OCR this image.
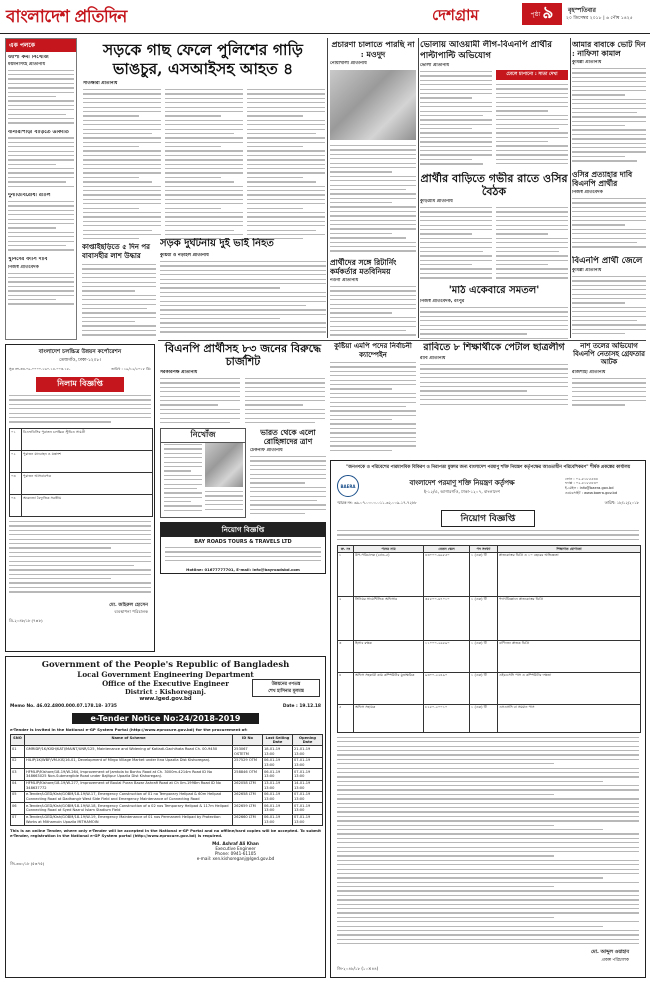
বাংলাদেশ প্রতিদিন	দেশগ্রাম	পৃষ্ঠা ৯ বৃহস্পতিবার
২০ ডিসেম্বর ২০১৮ | ৬ পৌষ ১৪২৫
এক পলকে
জাপা কর্মী নিখোঁজ
ময়মনসিংহ প্রতিনিধি
বানারীপাড়া বাড়িতে ডাকাতি
দুর্নীতিবিরোধী র‌্যালি
খুনিদের ফাঁসি দাবি
নিজস্ব প্রতিবেদক
সড়কে গাছ ফেলে পুলিশের গাড়ি ভাঙচুর, এসআইসহ আহত ৪
সাতক্ষীরা প্রতিনিধি
সড়ক দুর্ঘটনায় দুই ভাই নিহত
কুষ্টিয়া ও নড়াইল প্রতিনিধি
কাপ্তাইছড়িতে ৫ দিন পর বাবাসহীর লাশ উদ্ধার
প্রচারণা চালাতে পারছি না : মওদুদ
নোয়াখালী প্রতিনিধি
প্রার্থীদের সঙ্গে রিটার্নিং কর্মকর্তার মতবিনিময়
নওগাঁ প্রতিনিধি
ভোলায় আওয়ামী লীগ-বিএনপি প্রার্থীর পাল্টাপাল্টি অভিযোগ
ভোলা প্রতিনিধি
ঢোলে চাপানো : সাতা দেখা
প্রার্থীর বাড়িতে গভীর রাতে ওসির বৈঠক
কুড়িগ্রাম প্রতিনিধি
'মাঠ একেবারে সমতল'
নিজস্ব প্রতিবেদক, রংপুর
আমার বাবাকে ভোট দিন : নাফিসা কামাল
কুমিল্লা প্রতিনিধি
ওসির প্রত্যাহার দাবি বিএনপি প্রার্থীর
নিজস্ব প্রতিবেদক
বিএনপি প্রার্থী জেলে
কুমিল্লা প্রতিনিধি
বাংলাদেশ চলচ্চিত্র উন্নয়ন কর্পোরেশন
তেজগাঁও, ঢাকা-১২০৮।
সূত্র নং-৩৩.০৯.০০০০.১৬০.১৪.০০৩.১৮-	তারিখ : ১৯/১২/২০১৮ খ্রি:
নিলাম বিজ্ঞপ্তি
০১	বিএফডিসির পুরাতন চলচ্চিত্র স্টুডিও সামগ্রী
০২	পুরাতন যানবাহন ও যন্ত্রাংশ
০৩	পুরাতন আসবাবপত্র
০৪	অকেজো বৈদ্যুতিক সরঞ্জাম
মো. জহিরুল হোসেন
ব্যবস্থাপনা পরিচালক
ডি-২০৪৮/১৮ (৭×৮)
বিএনপি প্রার্থীসহ ৮৩ জনের বিরুদ্ধে চার্জশিট
সরকারপক্ষ প্রতিনিধি
কুষ্টিয়া এমপি পদের নির্বাচনী ক্যাম্পেইন
রাবিতে ৮ শিক্ষার্থীকে পেটাল ছাত্রলীগ
রাবি প্রতিনিধি
নাশ তলের অভিযোগ বিএনপি নেতাসহ গ্রেফতার আটক
রাজশাহী প্রতিনিধি
নিখোঁজ	ভারত থেকে এলো রোহিঙ্গাদের ত্রাণ
টেকনাফ প্রতিনিধি
নিয়োগ বিজ্ঞপ্তি
BAY ROADS TOURS & TRAVELS LTD
Hotline: 01677777701, E-mail: info@bayroadsbd.com
"জনগণকে ও পরিবেশের পারমাণবিক বিকিরণ ও নিরাপত্তা মুক্তার জন্য বাংলাদেশ পরমাণু শক্তি নিয়ন্ত্রণ কর্তৃপক্ষের আওতাধীন পরিবেশিকরণ" শীর্ষক প্রকল্পের কার্যালয়
BAERA	বাংলাদেশ পরমাণু শক্তি নিয়ন্ত্রণ কর্তৃপক্ষ
ই-১২/এ, আগারগাঁও, ঢাকা-১২০৭, বাংলাদেশ
ফোন : ০২-৮১৮৫৫৩৪
ফ্যাক্স : ০২-৮১৮৫৪৩০
ই-মেইল : info@baera.gov.bd
ওয়েবসাইট : www.baera.gov.bd
স্মারক নং: ৩৯.০৭.০০০০.০১১.৩২.০০৯.১৭-৭২৮৮	তারিখ: ১৮/১২/২০১৮
নিয়োগ বিজ্ঞপ্তি
ক্র. নং	পদের নাম	বেতন স্কেল	পদ সংখ্যা	শিক্ষাগত যোগ্যতা
১	উপ-পরিচালক (গ্রেড-৫)	৪৩০০০-৬৯৮৫০	১ (এক) টি	স্নাতকোত্তর ডিগ্রি ও ১০ বছরের অভিজ্ঞতা
২	সিনিয়র সায়েন্টিফিক অফিসার	৩৫৫০০-৬৭০১০	১ (এক) টি	পদার্থবিজ্ঞানে স্নাতকোত্তর ডিগ্রি
৩	হিসাব রক্ষক	১১০০০-২৬৫৯০	১ (এক) টি	বাণিজ্যে স্নাতক ডিগ্রি
৪	অফিস সহকারী কাম কম্পিউটার মুদ্রাক্ষরিক	৯৩০০-২২৪৯০	১ (এক) টি	এইচএসসি পাস ও কম্পিউটার দক্ষতা
৫	অফিস সহায়ক	৮২৫০-২০০১০	১ (এক) টি	এসএসসি বা সমমান পাস
মো. আব্দুল ওয়াহাব
প্রকল্প পরিচালক
জি-২০৪৮/১৮ (১০×৪৪)
Government of the People's Republic of Bangladesh
Local Government Engineering Department
Office of the Executive Engineer
District : Kishoreganj.
www.lged.gov.bd
উন্নয়নের গণতন্ত্র
শেখ হাসিনার মূলমন্ত্র
Memo No. 46.02.4800.000.07.178.18- 3735	Date : 19.12.18
e-Tender Notice No:24/2018-2019
e-Tender is invited in the National e-GP System Portal (http://www.eprocure.gov.bd) for the procurement of:
SNO	Name of Scheme	ID No	Last Selling Date	Opening Date
01	GMRIDP/1K/KISH/KATI/MAINT/UNR/125, Maintenance and Widening of Katiadi-Gachihata Road Ch. 00-9450	253067 OSTETM	18-01-19 13:00	21-01-19 13:00
02	HILIP/1K/WBF/VM-KIS/16-01, Development of Mirgo Village Market under Itna Upazila Dist Kishoreganj.	257529 OTM	06-01-19 13:00	07-01-19 13:00
03	HFMLIP/Kishore/18-19/W-264, Improvement of Jamtola to Bonhu Road at Ch. 3000m-4214m Road ID No 348663025 Non-Submergible Road under Bajitpur Upazila Dist Kishoreganj.	258846 OTM	06-01-19 13:00	07-01-19 13:00
04	HFMLIP/Kishore/18-19/W-277, Improvement of Boulai Puran Bazar Ashrafi Road at Ch 0m-1998m Road ID No 348637772	262058 LTM	13-01-19 13:00	14-01-19 13:00
05	e-Tender/LGED/Kish/GOBM/18-19/W-17, Emergency Construction of 01 no Temporary Helipad & 60m Helipad Connecting Road at Dadhangir West Side Field and Emergency Maintenance of Connecting Road	262658 LTM	06-01-19 13:00	07-01-19 13:00
06	e-Tender/LGED/Kish/GOBM/18-19/W-18, Emergency Construction of a 02 nos Temporary Helipad & 117m Helipad Connecting Road at Syed Nazrul Islam Stadium Field	262659 LTM	06-01-19 13:00	07-01-19 13:00
07	e-Tender/LGED/Kish/GOBM/18-19/W-19, Emergency Maintenance of 01 nos Permanent Helipad by Protection Works at Mithamoin Upazila MITHAMOIN	262660 LTM	06-01-19 13:00	07-01-19 13:00
This is an online Tender, where only e-Tender will be accepted in the National e-GP Portal and no offline/hard copies will be accepted. To submit e-Tender, registration in the National e-GP System portal (http://www.eprocure.gov.bd) is required.
Md. Ashraf Ali Khan
Executive Engineer
Phone: 0941-61105
e-mail: xen.kishoreganj@lged.gov.bd
জি-৩৩০/১৮ (৫×৭৫)
